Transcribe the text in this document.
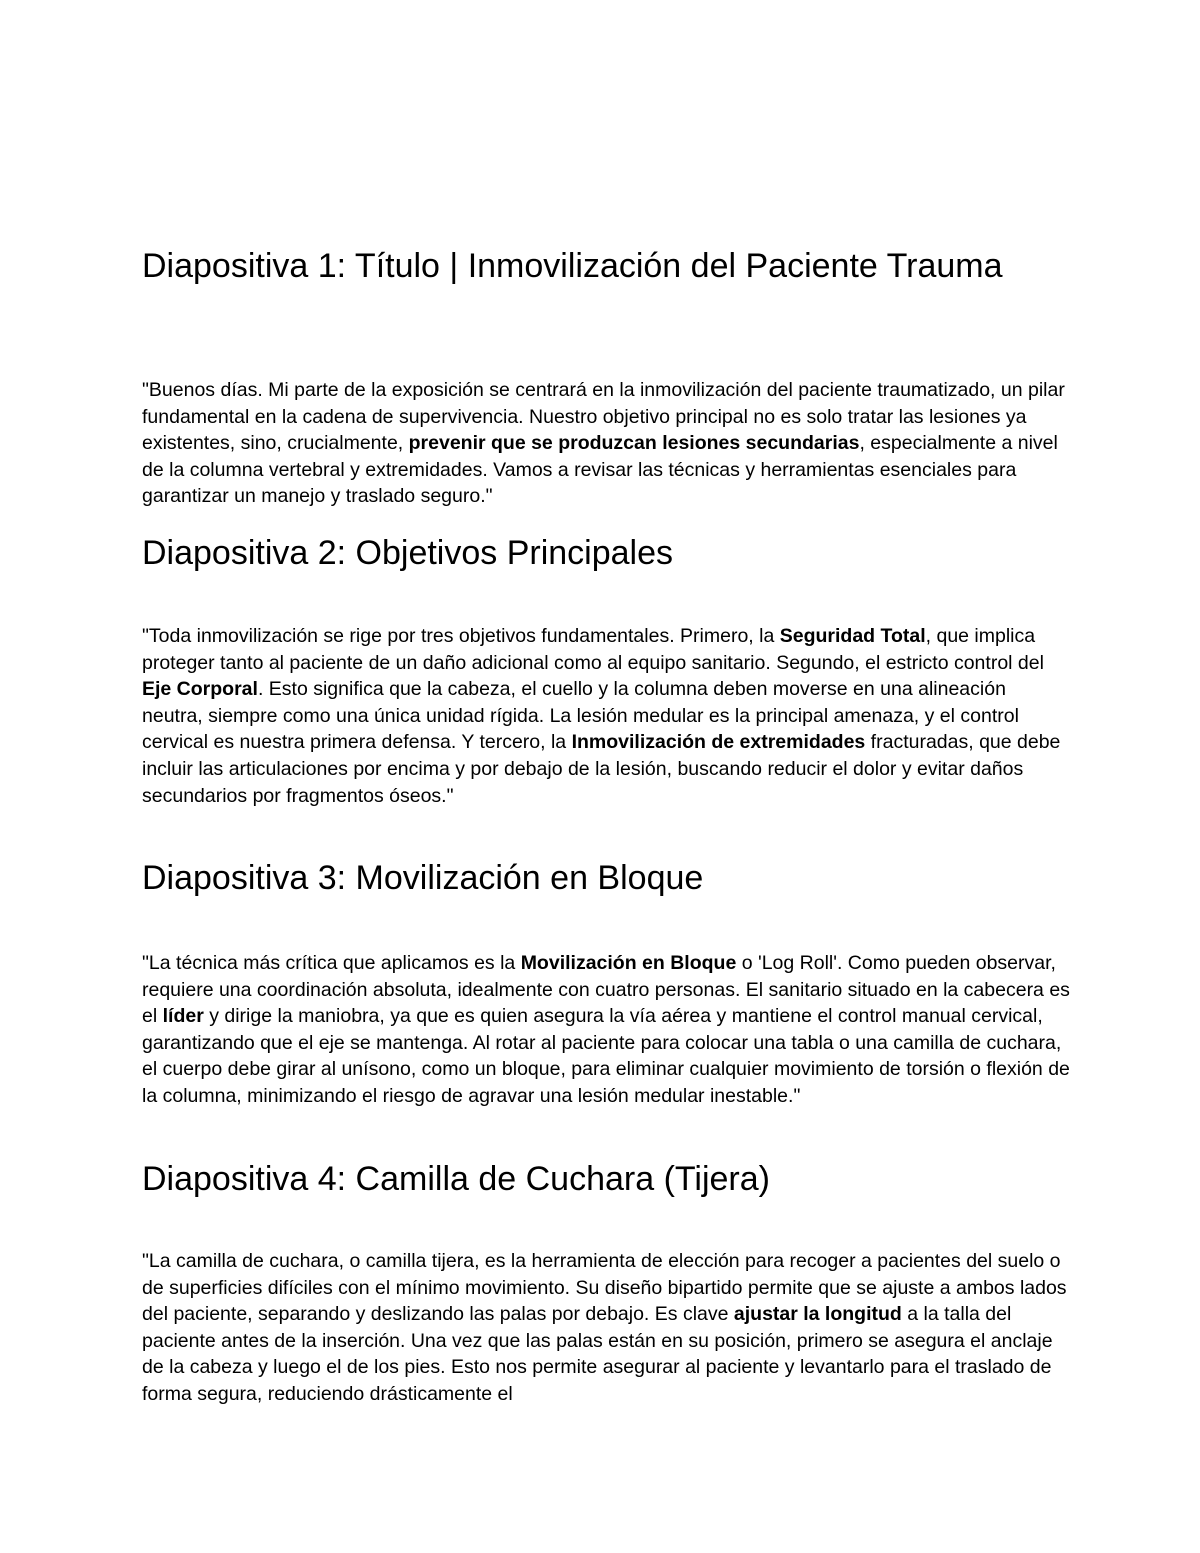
Diapositiva 1: Título | Inmovilización del Paciente Trauma

"Buenos días. Mi parte de la exposición se centrará en la inmovilización del paciente traumatizado, un pilar fundamental en la cadena de supervivencia. Nuestro objetivo principal no es solo tratar las lesiones ya existentes, sino, crucialmente, prevenir que se produzcan lesiones secundarias, especialmente a nivel de la columna vertebral y extremidades. Vamos a revisar las técnicas y herramientas esenciales para garantizar un manejo y traslado seguro."

Diapositiva 2: Objetivos Principales

"Toda inmovilización se rige por tres objetivos fundamentales. Primero, la Seguridad Total, que implica proteger tanto al paciente de un daño adicional como al equipo sanitario. Segundo, el estricto control del Eje Corporal. Esto significa que la cabeza, el cuello y la columna deben moverse en una alineación neutra, siempre como una única unidad rígida. La lesión medular es la principal amenaza, y el control cervical es nuestra primera defensa. Y tercero, la Inmovilización de extremidades fracturadas, que debe incluir las articulaciones por encima y por debajo de la lesión, buscando reducir el dolor y evitar daños secundarios por fragmentos óseos."

Diapositiva 3: Movilización en Bloque

"La técnica más crítica que aplicamos es la Movilización en Bloque o 'Log Roll'. Como pueden observar, requiere una coordinación absoluta, idealmente con cuatro personas. El sanitario situado en la cabecera es el líder y dirige la maniobra, ya que es quien asegura la vía aérea y mantiene el control manual cervical, garantizando que el eje se mantenga. Al rotar al paciente para colocar una tabla o una camilla de cuchara, el cuerpo debe girar al unísono, como un bloque, para eliminar cualquier movimiento de torsión o flexión de la columna, minimizando el riesgo de agravar una lesión medular inestable."

Diapositiva 4: Camilla de Cuchara (Tijera)

"La camilla de cuchara, o camilla tijera, es la herramienta de elección para recoger a pacientes del suelo o de superficies difíciles con el mínimo movimiento. Su diseño bipartido permite que se ajuste a ambos lados del paciente, separando y deslizando las palas por debajo. Es clave ajustar la longitud a la talla del paciente antes de la inserción. Una vez que las palas están en su posición, primero se asegura el anclaje de la cabeza y luego el de los pies. Esto nos permite asegurar al paciente y levantarlo para el traslado de forma segura, reduciendo drásticamente el
